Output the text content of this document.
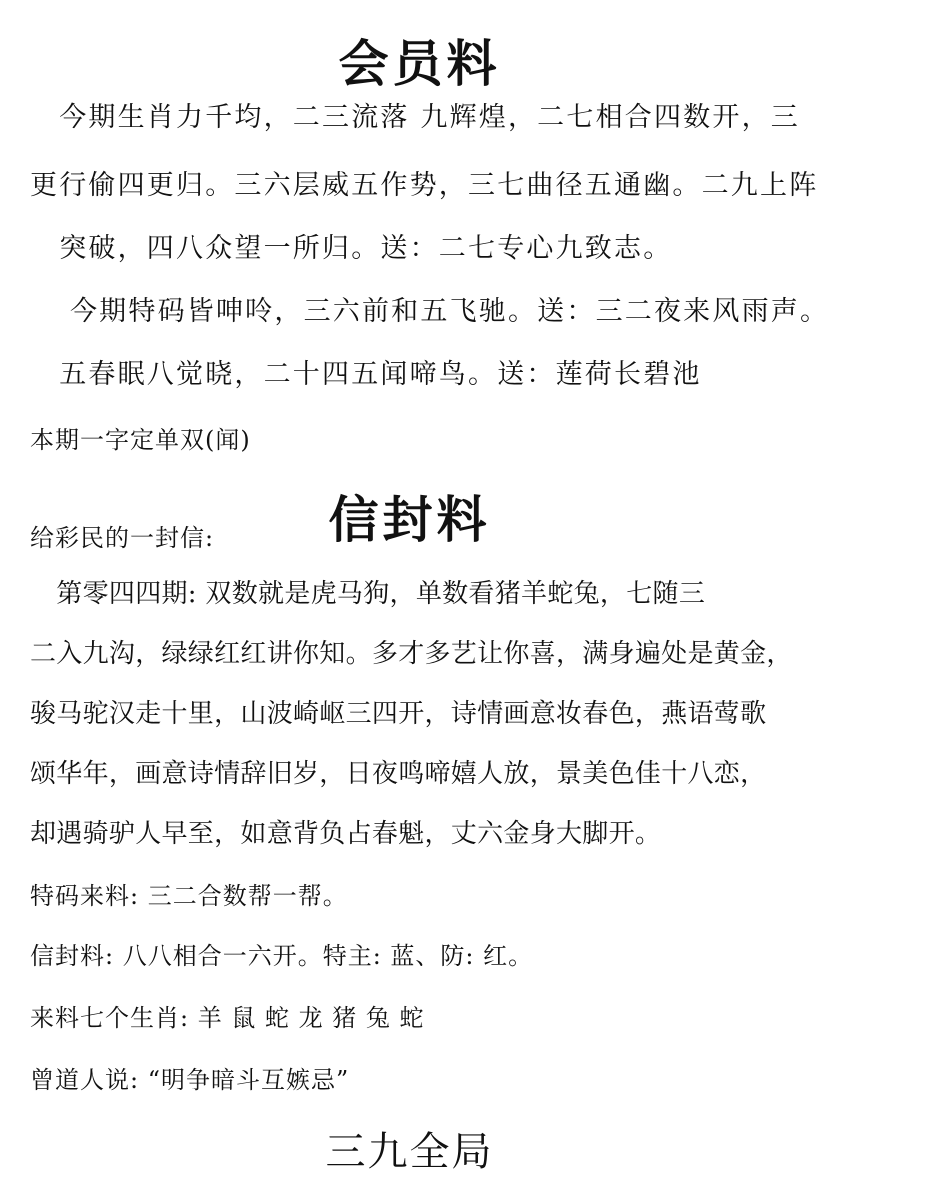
会员料
　今期生肖力千均，二三流落 九辉煌，二七相合四数开，三
更行偷四更归。三六层威五作势，三七曲径五通幽。二九上阵
　突破，四八众望一所归。送：二七专心九致志。
　 今期特码皆呻呤，三六前和五飞驰。送：三二夜来风雨声。
　五春眠八觉晓，二十四五闻啼鸟。送：莲荷长碧池
本期一字定单双(闻)
信封料
给彩民的一封信:
　第零四四期: 双数就是虎马狗，单数看猪羊蛇兔，七随三
二入九沟，绿绿红红讲你知。多才多艺让你喜，满身遍处是黄金，
骏马驼汉走十里，山波崎岖三四开，诗情画意妆春色，燕语莺歌
颂华年，画意诗情辞旧岁，日夜鸣啼嬉人放，景美色佳十八恋，
却遇骑驴人早至，如意背负占春魁，丈六金身大脚开。
特码来料: 三二合数帮一帮。
信封料: 八八相合一六开。特主: 蓝、防: 红。
来料七个生肖: 羊 鼠 蛇 龙 猪 兔 蛇
曾道人说: “明争暗斗互嫉忌”
三九全局
